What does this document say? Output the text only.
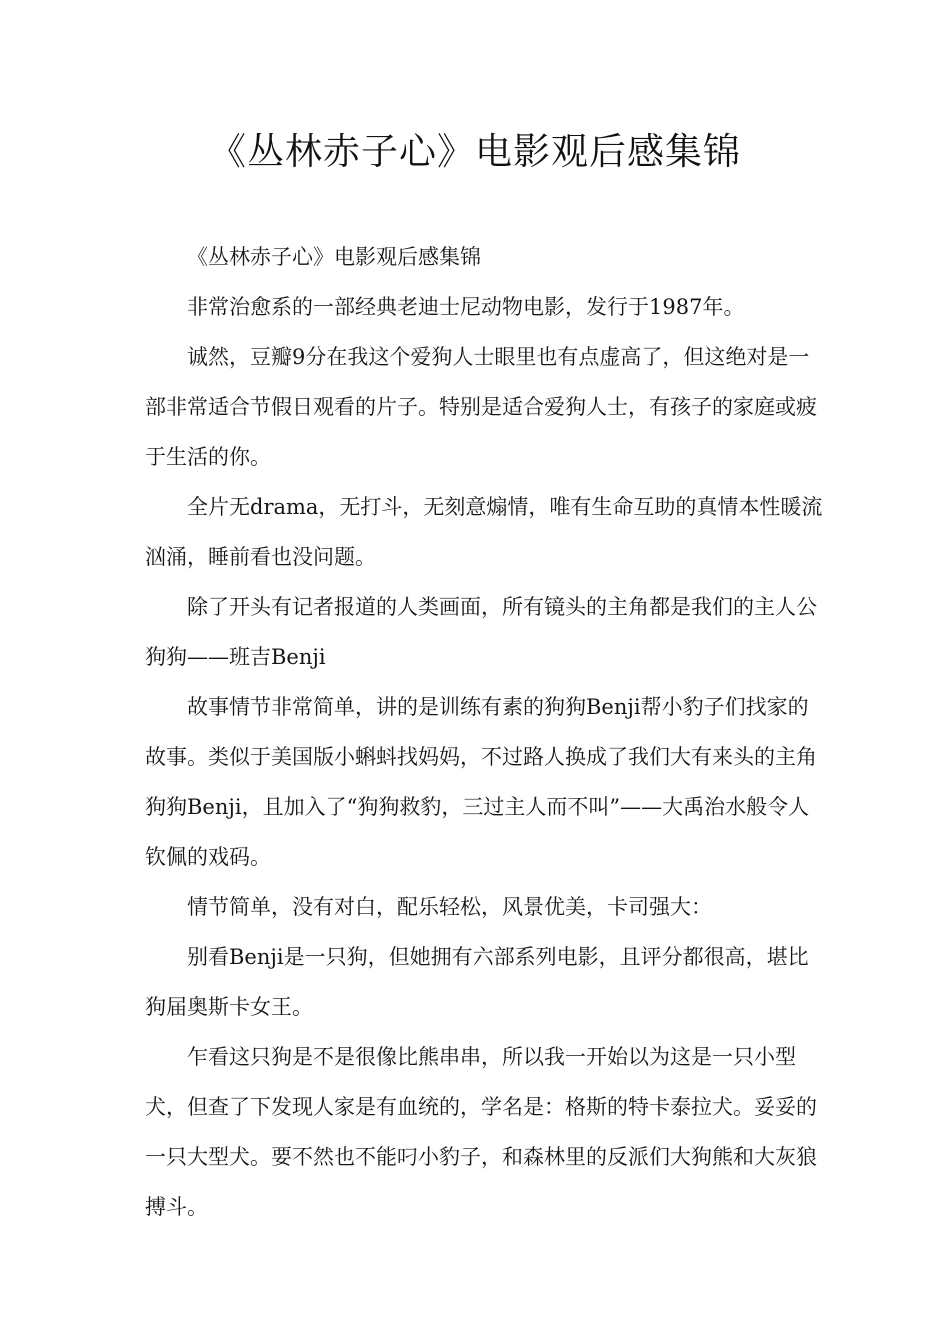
《丛林赤子心》电影观后感集锦

《丛林赤子心》电影观后感集锦

非常治愈系的一部经典老迪士尼动物电影，发行于1987年。

诚然，豆瓣9分在我这个爱狗人士眼里也有点虚高了，但这绝对是一部非常适合节假日观看的片子。特别是适合爱狗人士，有孩子的家庭或疲于生活的你。

全片无drama，无打斗，无刻意煽情，唯有生命互助的真情本性暖流汹涌，睡前看也没问题。

除了开头有记者报道的人类画面，所有镜头的主角都是我们的主人公狗狗——班吉Benji

故事情节非常简单，讲的是训练有素的狗狗Benji帮小豹子们找家的故事。类似于美国版小蝌蚪找妈妈，不过路人换成了我们大有来头的主角狗狗Benji，且加入了“狗狗救豹，三过主人而不叫”——大禹治水般令人钦佩的戏码。

情节简单，没有对白，配乐轻松，风景优美，卡司强大：

别看Benji是一只狗，但她拥有六部系列电影，且评分都很高，堪比狗届奥斯卡女王。

乍看这只狗是不是很像比熊串串，所以我一开始以为这是一只小型犬，但查了下发现人家是有血统的，学名是：格斯的特卡泰拉犬。妥妥的一只大型犬。要不然也不能叼小豹子，和森林里的反派们大狗熊和大灰狼搏斗。
